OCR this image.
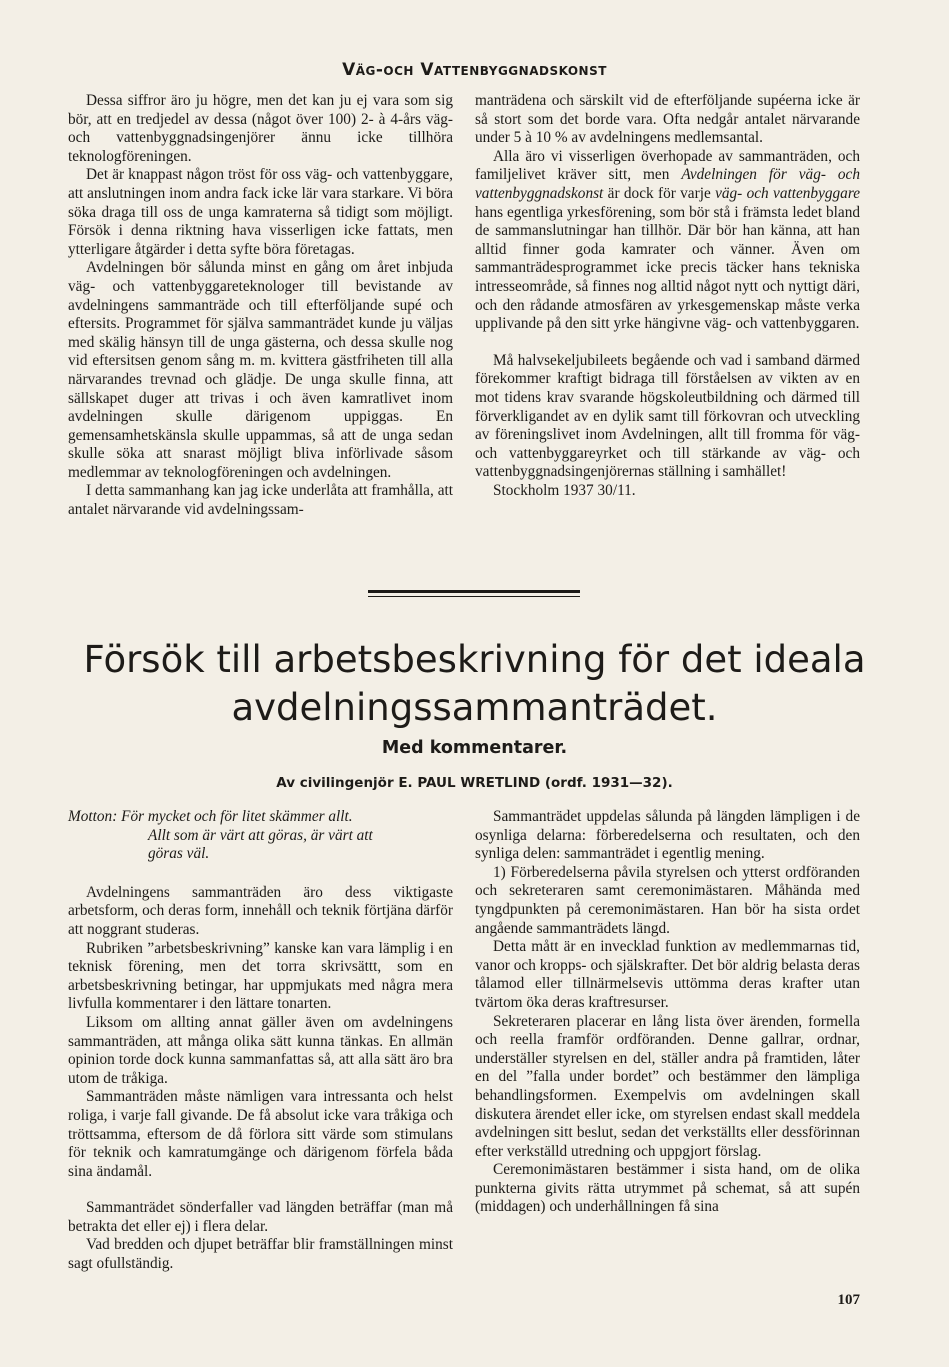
Väg-och Vattenbyggnadskonst

Dessa siffror äro ju högre, men det kan ju ej vara som sig bör, att en tredjedel av dessa (något över 100) 2- à 4-års väg- och vattenbyggnadsingenjörer ännu icke tillhöra teknologföreningen.

Det är knappast någon tröst för oss väg- och vattenbyggare, att anslutningen inom andra fack icke lär vara starkare. Vi böra söka draga till oss de unga kamraterna så tidigt som möjligt. Försök i denna riktning hava visserligen icke fattats, men ytterligare åtgärder i detta syfte böra företagas.

Avdelningen bör sålunda minst en gång om året inbjuda väg- och vattenbyggareteknologer till bevistande av avdelningens sammanträde och till efterföljande supé och eftersits. Programmet för själva sammanträdet kunde ju väljas med skälig hänsyn till de unga gästerna, och dessa skulle nog vid eftersitsen genom sång m. m. kvittera gästfriheten till alla närvarandes trevnad och glädje. De unga skulle finna, att sällskapet duger att trivas i och även kamratlivet inom avdelningen skulle därigenom uppiggas. En gemensamhetskänsla skulle uppammas, så att de unga sedan skulle söka att snarast möjligt bliva införlivade såsom medlemmar av teknologföreningen och avdelningen.

I detta sammanhang kan jag icke underlåta att framhålla, att antalet närvarande vid avdelningssam-

manträdena och särskilt vid de efterföljande supéerna icke är så stort som det borde vara. Ofta nedgår antalet närvarande under 5 à 10 % av avdelningens medlemsantal.

Alla äro vi visserligen överhopade av sammanträden, och familjelivet kräver sitt, men Avdelningen för väg- och vattenbyggnadskonst är dock för varje väg- och vattenbyggare hans egentliga yrkesförening, som bör stå i främsta ledet bland de sammanslutningar han tillhör. Där bör han känna, att han alltid finner goda kamrater och vänner. Även om sammanträdesprogrammet icke precis täcker hans tekniska intresseområde, så finnes nog alltid något nytt och nyttigt däri, och den rådande atmosfären av yrkesgemenskap måste verka upplivande på den sitt yrke hängivne väg- och vattenbyggaren.

Må halvsekeljubileets begående och vad i samband därmed förekommer kraftigt bidraga till förståelsen av vikten av en mot tidens krav svarande högskoleutbildning och därmed till förverkligandet av en dylik samt till förkovran och utveckling av föreningslivet inom Avdelningen, allt till fromma för väg- och vattenbyggareyrket och till stärkande av väg- och vattenbyggnadsingenjörernas ställning i samhället!

Stockholm 1937 30/11.

Försök till arbetsbeskrivning för det ideala avdelningssammanträdet.
Med kommentarer.
Av civilingenjör E. PAUL WRETLIND (ordf. 1931—32).
Motton: För mycket och för litet skämmer allt.
Allt som är värt att göras, är värt att
göras väl.

Avdelningens sammanträden äro dess viktigaste arbetsform, och deras form, innehåll och teknik förtjäna därför att noggrant studeras.

Rubriken ”arbetsbeskrivning” kanske kan vara lämplig i en teknisk förening, men det torra skrivsättt, som en arbetsbeskrivning betingar, har uppmjukats med några mera livfulla kommentarer i den lättare tonarten.

Liksom om allting annat gäller även om avdelningens sammanträden, att många olika sätt kunna tänkas. En allmän opinion torde dock kunna sammanfattas så, att alla sätt äro bra utom de tråkiga.

Sammanträden måste nämligen vara intressanta och helst roliga, i varje fall givande. De få absolut icke vara tråkiga och tröttsamma, eftersom de då förlora sitt värde som stimulans för teknik och kamratumgänge och därigenom förfela båda sina ändamål.

Sammanträdet sönderfaller vad längden beträffar (man må betrakta det eller ej) i flera delar.

Vad bredden och djupet beträffar blir framställningen minst sagt ofullständig.

Sammanträdet uppdelas sålunda på längden lämpligen i de osynliga delarna: förberedelserna och resultaten, och den synliga delen: sammanträdet i egentlig mening.

1) Förberedelserna påvila styrelsen och ytterst ordföranden och sekreteraren samt ceremonimästaren. Måhända med tyngdpunkten på ceremonimästaren. Han bör ha sista ordet angående sammanträdets längd.

Detta mått är en invecklad funktion av medlemmarnas tid, vanor och kropps- och själskrafter. Det bör aldrig belasta deras tålamod eller tillnärmelsevis uttömma deras krafter utan tvärtom öka deras kraftresurser.

Sekreteraren placerar en lång lista över ärenden, formella och reella framför ordföranden. Denne gallrar, ordnar, underställer styrelsen en del, ställer andra på framtiden, låter en del ”falla under bordet” och bestämmer den lämpliga behandlingsformen. Exempelvis om avdelningen skall diskutera ärendet eller icke, om styrelsen endast skall meddela avdelningen sitt beslut, sedan det verkställts eller dessförinnan efter verkställd utredning och uppgjort förslag.

Ceremonimästaren bestämmer i sista hand, om de olika punkterna givits rätta utrymmet på schemat, så att supén (middagen) och underhållningen få sina

107
